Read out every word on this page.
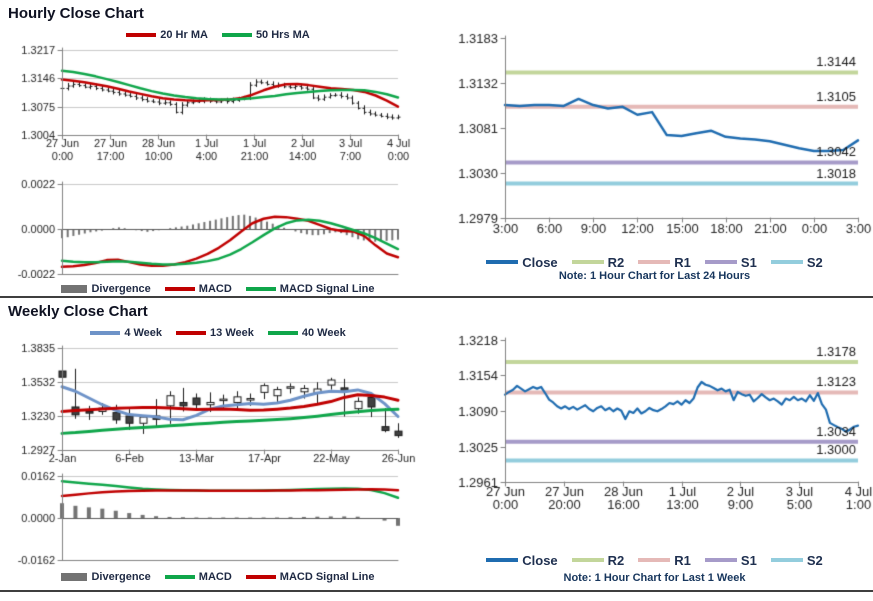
Hourly Close Chart
20 Hr MA	50 Hrs MA
Divergence	MACD	MACD Signal Line
Close	R2	R1	S1	S2
Note: 1 Hour Chart for Last 24 Hours
Weekly Close Chart
4 Week	13 Week	40 Week
Divergence	MACD	MACD Signal Line
Close	R2	R1	S1	S2
Note: 1 Hour Chart for Last 1 Week
